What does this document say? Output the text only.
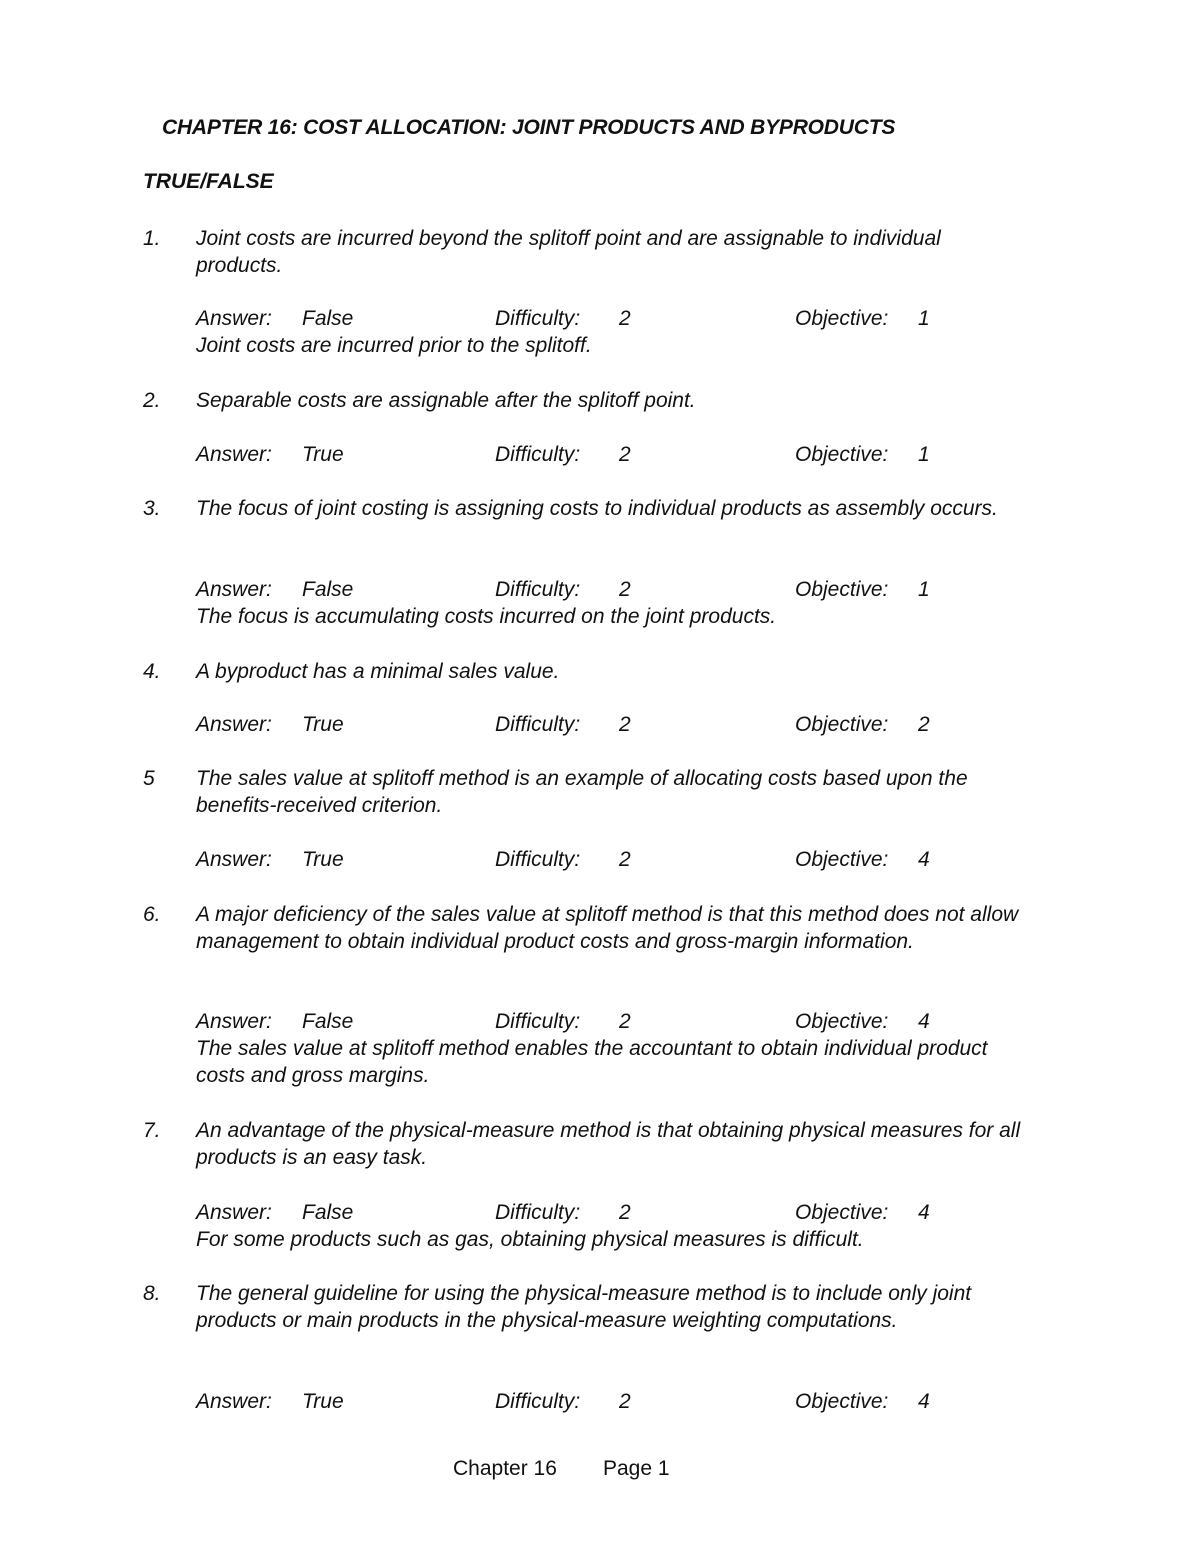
CHAPTER 16: COST ALLOCATION: JOINT PRODUCTS AND BYPRODUCTS
TRUE/FALSE
1. Joint costs are incurred beyond the splitoff point and are assignable to individual products.
Answer: False	Difficulty: 2	Objective: 1
Joint costs are incurred prior to the splitoff.
2. Separable costs are assignable after the splitoff point.
Answer: True	Difficulty: 2	Objective: 1
3. The focus of joint costing is assigning costs to individual products as assembly occurs.
Answer: False	Difficulty: 2	Objective: 1
The focus is accumulating costs incurred on the joint products.
4. A byproduct has a minimal sales value.
Answer: True	Difficulty: 2	Objective: 2
5 The sales value at splitoff method is an example of allocating costs based upon the benefits-received criterion.
Answer: True	Difficulty: 2	Objective: 4
6. A major deficiency of the sales value at splitoff method is that this method does not allow management to obtain individual product costs and gross-margin information.
Answer: False	Difficulty: 2	Objective: 4
The sales value at splitoff method enables the accountant to obtain individual product costs and gross margins.
7. An advantage of the physical-measure method is that obtaining physical measures for all products is an easy task.
Answer: False	Difficulty: 2	Objective: 4
For some products such as gas, obtaining physical measures is difficult.
8. The general guideline for using the physical-measure method is to include only joint products or main products in the physical-measure weighting computations.
Answer: True	Difficulty: 2	Objective: 4
Chapter 16 Page 1
